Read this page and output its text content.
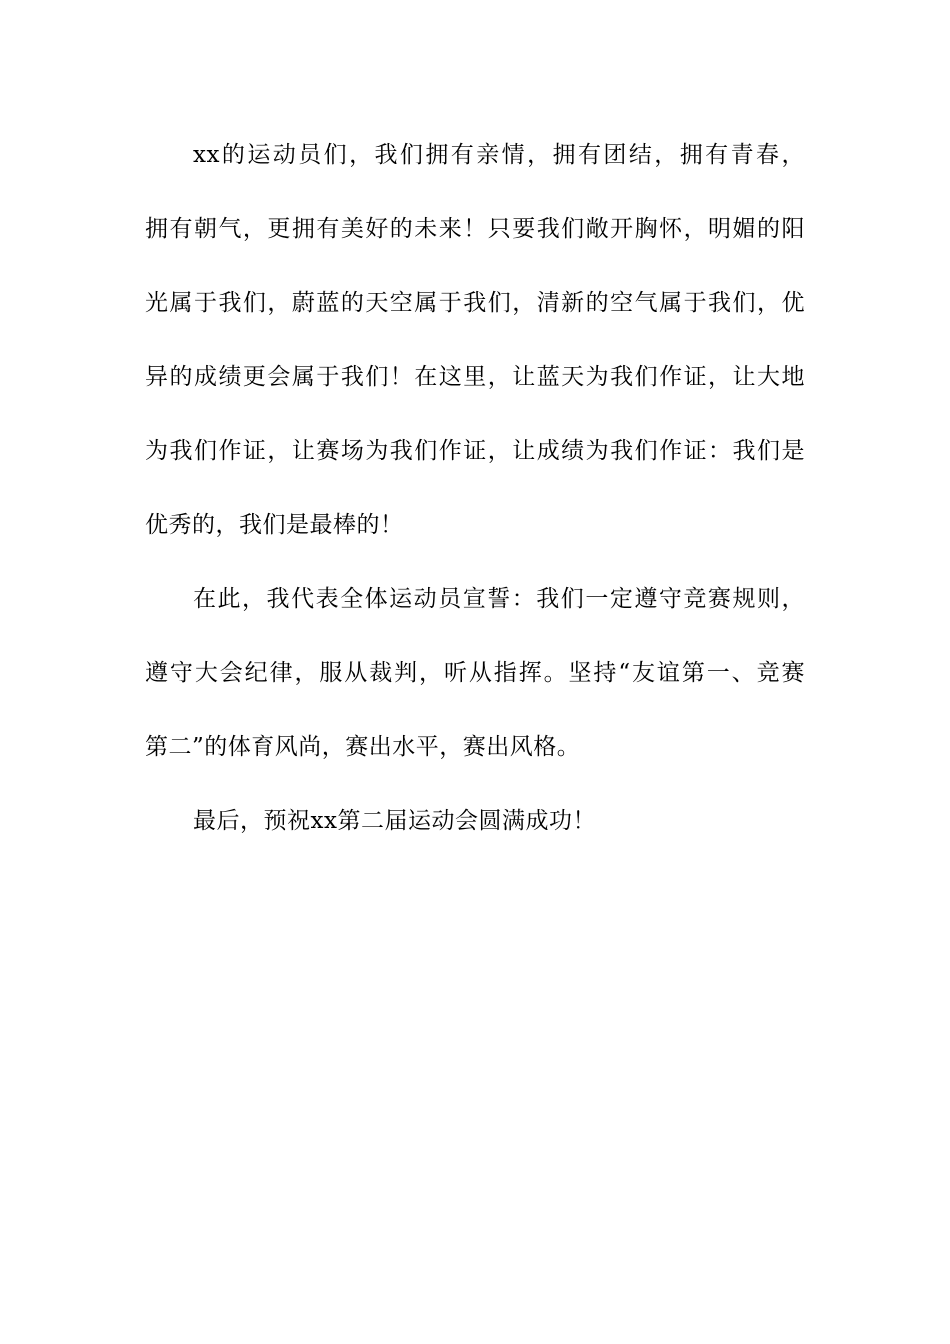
xx的运动员们，我们拥有亲情，拥有团结，拥有青春，
拥有朝气，更拥有美好的未来！只要我们敞开胸怀，明媚的阳
光属于我们，蔚蓝的天空属于我们，清新的空气属于我们，优
异的成绩更会属于我们！在这里，让蓝天为我们作证，让大地
为我们作证，让赛场为我们作证，让成绩为我们作证：我们是
优秀的，我们是最棒的！

在此，我代表全体运动员宣誓：我们一定遵守竞赛规则，
遵守大会纪律，服从裁判，听从指挥。坚持“友谊第一、竞赛
第二”的体育风尚，赛出水平，赛出风格。

最后，预祝xx第二届运动会圆满成功！
